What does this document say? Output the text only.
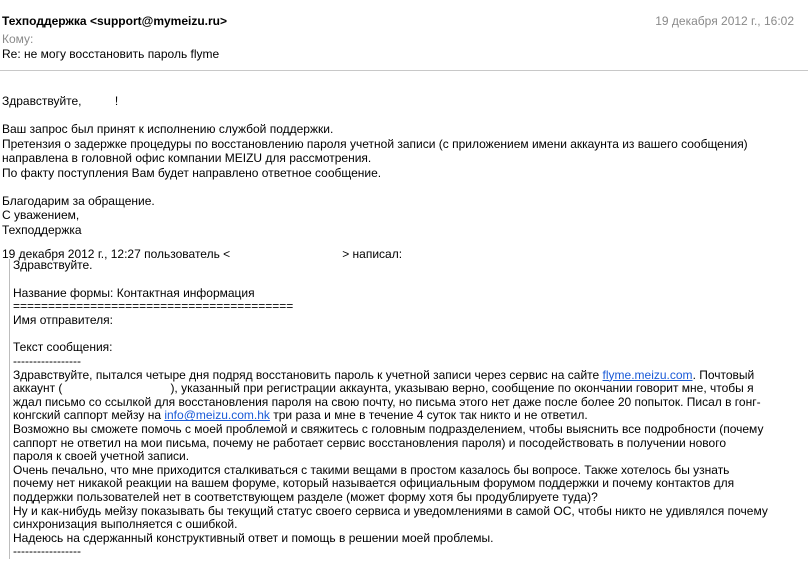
Техподдержка <support@mymeizu.ru>	19 декабря 2012 г., 16:02
Кому:
Re: не могу восстановить пароль flyme

Здравствуйте,          !

Ваш запрос был принят к исполнению службой поддержки.

Претензия о задержке процедуры по восстановлению пароля учетной записи (с приложением имени аккаунта из вашего сообщения)

направлена в головной офис компании MEIZU для рассмотрения.

По факту поступления Вам будет направлено ответное сообщение.

Благодарим за обращение.

С уважением,

Техподдержка

19 декабря 2012 г., 12:27 пользователь <	> написал:

Здравствуйте.

Название формы: Контактная информация

========================================

Имя отправителя:

Текст сообщения:

-----------------

Здравствуйте, пытался четыре дня подряд восстановить пароль к учетной записи через сервис на сайте flyme.meizu.com. Почтовый

аккаунт (	), указанный при регистрации аккаунта, указываю верно, сообщение по окончании говорит мне, чтобы я

ждал письмо со ссылкой для восстановления пароля на свою почту, но письма этого нет даже после более 20 попыток. Писал в гонг-

конгский саппорт мейзу на info@meizu.com.hk три раза и мне в течение 4 суток так никто и не ответил.

Возможно вы сможете помочь с моей проблемой и свяжитесь с головным подразделением, чтобы выяснить все подробности (почему

саппорт не ответил на мои письма, почему не работает сервис восстановления пароля) и посодействовать в получении нового

пароля к своей учетной записи.

Очень печально, что мне приходится сталкиваться с такими вещами в простом казалось бы вопросе. Также хотелось бы узнать

почему нет никакой реакции на вашем форуме, который называется официальным форумом поддержки и почему контактов для

поддержки пользователей нет в соответствующем разделе (может форму хотя бы продублируете туда)?

Ну и как-нибудь мейзу показывать бы текущий статус своего сервиса и уведомлениями в самой ОС, чтобы никто не удивлялся почему

синхронизация выполняется с ошибкой.

Надеюсь на сдержанный конструктивный ответ и помощь в решении моей проблемы.

-----------------
